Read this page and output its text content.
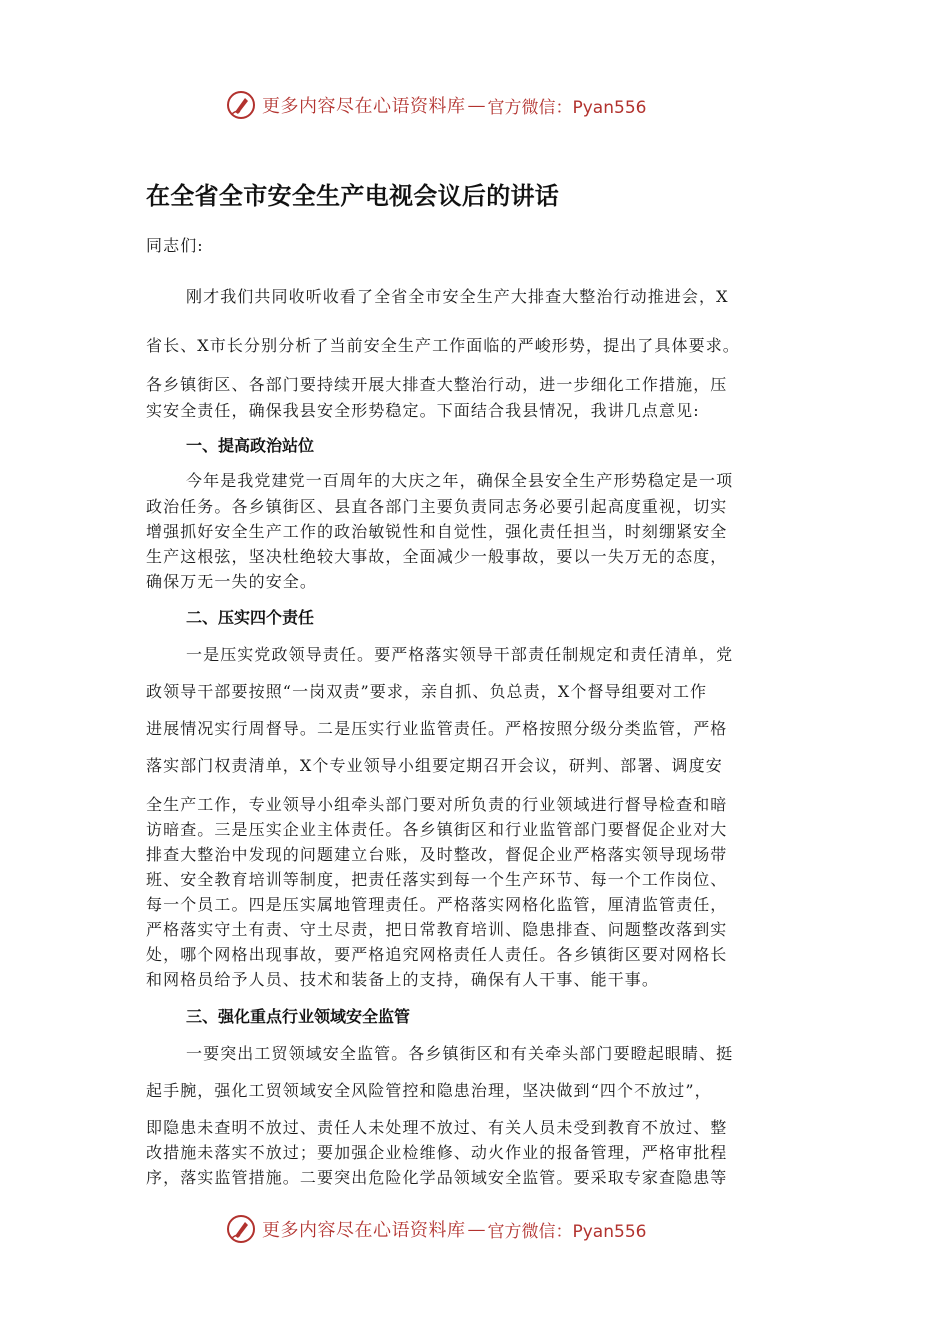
更多内容尽在心语资料库 — 官方微信：Pyan556
在全省全市安全生产电视会议后的讲话

同志们:

刚才我们共同收听收看了全省全市安全生产大排查大整治行动推进会，X

省长、X市长分别分析了当前安全生产工作面临的严峻形势，提出了具体要求。

各乡镇街区、各部门要持续开展大排查大整治行动，进一步细化工作措施，压

实安全责任，确保我县安全形势稳定。下面结合我县情况，我讲几点意见:

一、提高政治站位

今年是我党建党一百周年的大庆之年，确保全县安全生产形势稳定是一项

政治任务。各乡镇街区、县直各部门主要负责同志务必要引起高度重视，切实

增强抓好安全生产工作的政治敏锐性和自觉性，强化责任担当，时刻绷紧安全

生产这根弦，坚决杜绝较大事故，全面减少一般事故，要以一失万无的态度，

确保万无一失的安全。

二、压实四个责任

一是压实党政领导责任。要严格落实领导干部责任制规定和责任清单，党

政领导干部要按照“一岗双责”要求，亲自抓、负总责，X个督导组要对工作

进展情况实行周督导。二是压实行业监管责任。严格按照分级分类监管，严格

落实部门权责清单，X个专业领导小组要定期召开会议，研判、部署、调度安

全生产工作，专业领导小组牵头部门要对所负责的行业领域进行督导检查和暗

访暗查。三是压实企业主体责任。各乡镇街区和行业监管部门要督促企业对大

排查大整治中发现的问题建立台账，及时整改，督促企业严格落实领导现场带

班、安全教育培训等制度，把责任落实到每一个生产环节、每一个工作岗位、

每一个员工。四是压实属地管理责任。严格落实网格化监管，厘清监管责任，

严格落实守土有责、守土尽责，把日常教育培训、隐患排查、问题整改落到实

处，哪个网格出现事故，要严格追究网格责任人责任。各乡镇街区要对网格长

和网格员给予人员、技术和装备上的支持，确保有人干事、能干事。

三、强化重点行业领域安全监管

一要突出工贸领域安全监管。各乡镇街区和有关牵头部门要瞪起眼睛、挺

起手腕，强化工贸领域安全风险管控和隐患治理，坚决做到“四个不放过”，

即隐患未查明不放过、责任人未处理不放过、有关人员未受到教育不放过、整

改措施未落实不放过；要加强企业检维修、动火作业的报备管理，严格审批程

序，落实监管措施。二要突出危险化学品领域安全监管。要采取专家查隐患等

更多内容尽在心语资料库 — 官方微信：Pyan556
